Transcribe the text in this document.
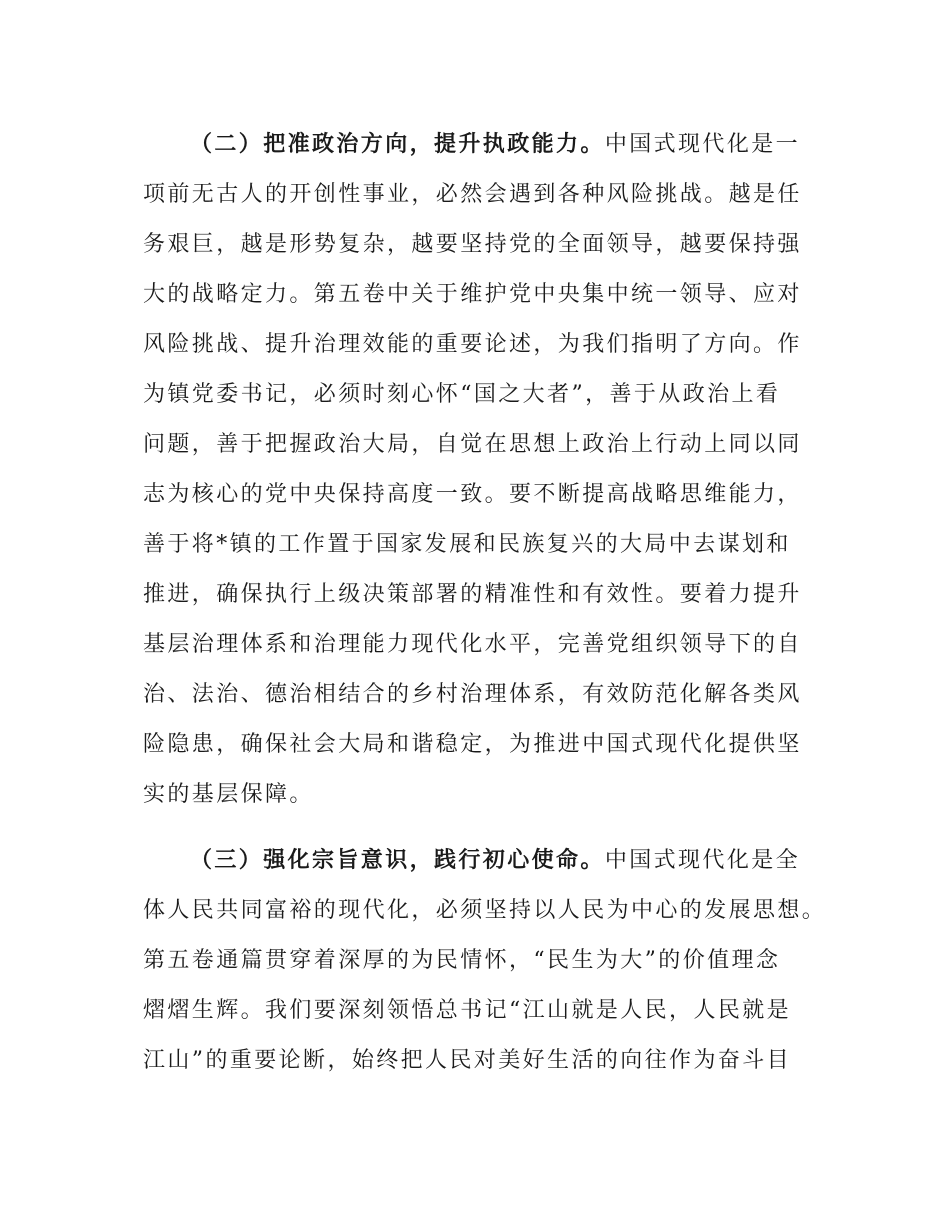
（二）把准政治方向，提升执政能力。中国式现代化是一
项前无古人的开创性事业，必然会遇到各种风险挑战。越是任
务艰巨，越是形势复杂，越要坚持党的全面领导，越要保持强
大的战略定力。第五卷中关于维护党中央集中统一领导、应对
风险挑战、提升治理效能的重要论述，为我们指明了方向。作
为镇党委书记，必须时刻心怀“国之大者”，善于从政治上看
问题，善于把握政治大局，自觉在思想上政治上行动上同以同
志为核心的党中央保持高度一致。要不断提高战略思维能力，
善于将*镇的工作置于国家发展和民族复兴的大局中去谋划和
推进，确保执行上级决策部署的精准性和有效性。要着力提升
基层治理体系和治理能力现代化水平，完善党组织领导下的自
治、法治、德治相结合的乡村治理体系，有效防范化解各类风
险隐患，确保社会大局和谐稳定，为推进中国式现代化提供坚
实的基层保障。
（三）强化宗旨意识，践行初心使命。中国式现代化是全
体人民共同富裕的现代化，必须坚持以人民为中心的发展思想。
第五卷通篇贯穿着深厚的为民情怀，“民生为大”的价值理念
熠熠生辉。我们要深刻领悟总书记“江山就是人民，人民就是
江山”的重要论断，始终把人民对美好生活的向往作为奋斗目
